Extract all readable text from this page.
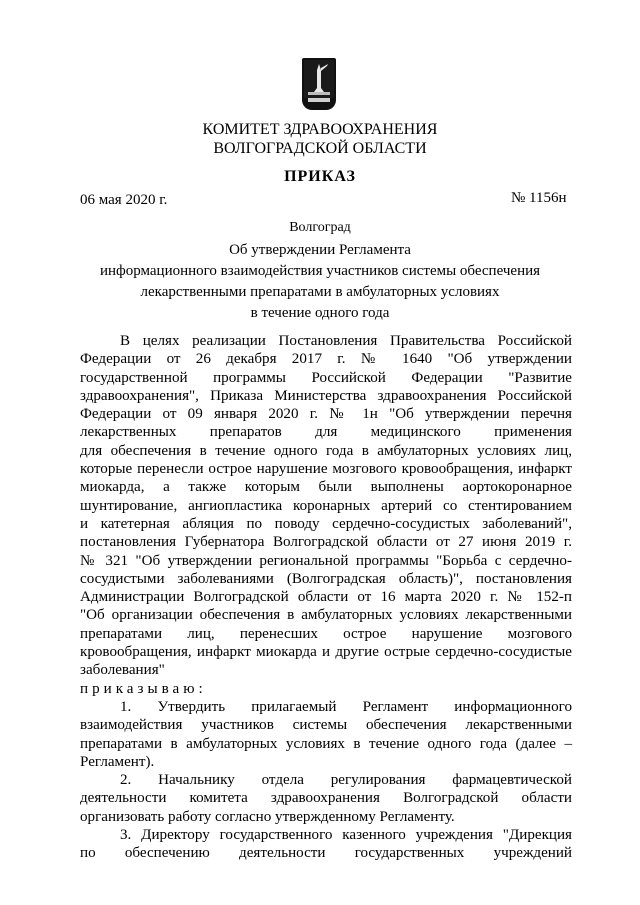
КОМИТЕТ ЗДРАВООХРАНЕНИЯ
ВОЛГОГРАДСКОЙ ОБЛАСТИ
ПРИКАЗ
06 мая 2020 г.	№ 1156н
Волгоград
Об утверждении Регламента
информационного взаимодействия участников системы обеспечения
лекарственными препаратами в амбулаторных условиях
в течение одного года
В целях реализации Постановления Правительства Российской
Федерации от 26 декабря 2017 г. № 1640 "Об утверждении
государственной программы Российской Федерации "Развитие
здравоохранения", Приказа Министерства здравоохранения Российской
Федерации от 09 января 2020 г. № 1н "Об утверждении перечня
лекарственных препаратов для медицинского применения
для обеспечения в течение одного года в амбулаторных условиях лиц,
которые перенесли острое нарушение мозгового кровообращения, инфаркт
миокарда, а также которым были выполнены аортокоронарное
шунтирование, ангиопластика коронарных артерий со стентированием
и катетерная абляция по поводу сердечно-сосудистых заболеваний",
постановления Губернатора Волгоградской области от 27 июня 2019 г.
№ 321 "Об утверждении региональной программы "Борьба с сердечно-
сосудистыми заболеваниями (Волгоградская область)", постановления
Администрации Волгоградской области от 16 марта 2020 г. № 152-п
"Об организации обеспечения в амбулаторных условиях лекарственными
препаратами лиц, перенесших острое нарушение мозгового
кровообращения, инфаркт миокарда и другие острые сердечно-сосудистые
заболевания"
приказываю:
1. Утвердить прилагаемый Регламент информационного
взаимодействия участников системы обеспечения лекарственными
препаратами в амбулаторных условиях в течение одного года (далее –
Регламент).
2. Начальнику отдела регулирования фармацевтической
деятельности комитета здравоохранения Волгоградской области
организовать работу согласно утвержденному Регламенту.
3. Директору государственного казенного учреждения "Дирекция
по обеспечению деятельности государственных учреждений
